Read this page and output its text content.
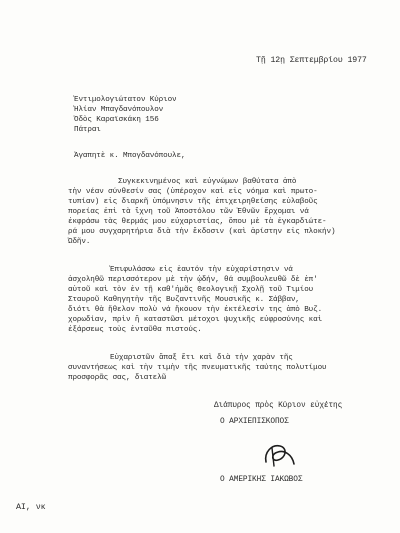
Τῇ 12ῃ Σεπτεμβρίου 1977
Ἐντιμολογιώτατον Κύριον
Ἠλίαν Μπαγδανόπουλον
Ὁδὸς Καραϊσκάκη 156
Πάτραι
Ἀγαπητὲ κ. Μπογδανόπουλε,
Συγκεκινημένος καὶ εὐγνώμων βαθύτατα ἀπὸ
τὴν νέαν σύνθεσίν σας (ὑπέροχον καὶ εἰς νόημα καὶ πρωτο-
τυπίαν) εἰς διαρκῆ ὑπόμνησιν τῆς ἐπιχειρηθείσης εὐλαβοῦς
πορείας ἐπὶ τὰ ἴχνη τοῦ Ἀποστόλου τῶν Ἐθνῶν ἔρχομαι νά
ἐκφράσω τὰς θερμάς μου εὐχαριστίας, ὅπου μὲ τὰ ἐγκαρδιώτε-
ρά μου συγχαρητήρια διὰ τὴν ἔκδοσιν (καὶ ἀρίστην εἰς πλοκήν)
Ὠδῆν.
Ἐπιφυλάσσω εἰς ἑαυτόν τὴν εὐχαρίστησιν νά
ἀσχοληθῶ περισσότερον μὲ τὴν ᾠδήν, θά συμβουλευθῶ δὲ ἐπ'
αὐτοῦ καὶ τὸν ἐν τῇ καθ'ἡμᾶς Θεολογικῇ Σχολῇ τοῦ Τιμίου
Σταυροῦ Καθηγητὴν τῆς Βυζαντινῆς Μουσικῆς κ. Σάββαν,
διότι θὰ ἤθελον πολὺ νά ἤκουον τὴν ἐκτέλεσίν της ἀπὸ Βυζ.
χορωδίαν, πρὶν ἢ καταστῶσι μέτοχοι ψυχικῆς εὐφροσύνης καὶ
ἐξάρσεως τοὺς ἐνταῦθα πιστούς.
Εὐχαριστῶν ἅπαξ ἔτι καὶ διὰ τὴν χαρὰν τῆς
συναντήσεως καὶ τὴν τιμὴν τῆς πνευματικῆς ταύτης πολυτίμου
προσφορᾶς σας, διατελῶ
Διάπυρος πρὸς Κύριον εὐχέτης
Ο ΑΡΧΙΕΠΙΣΚΟΠΟΣ
Ο ΑΜΕΡΙΚΗΣ ΙΑΚΩΒΟΣ
ΑΙ, νκ
